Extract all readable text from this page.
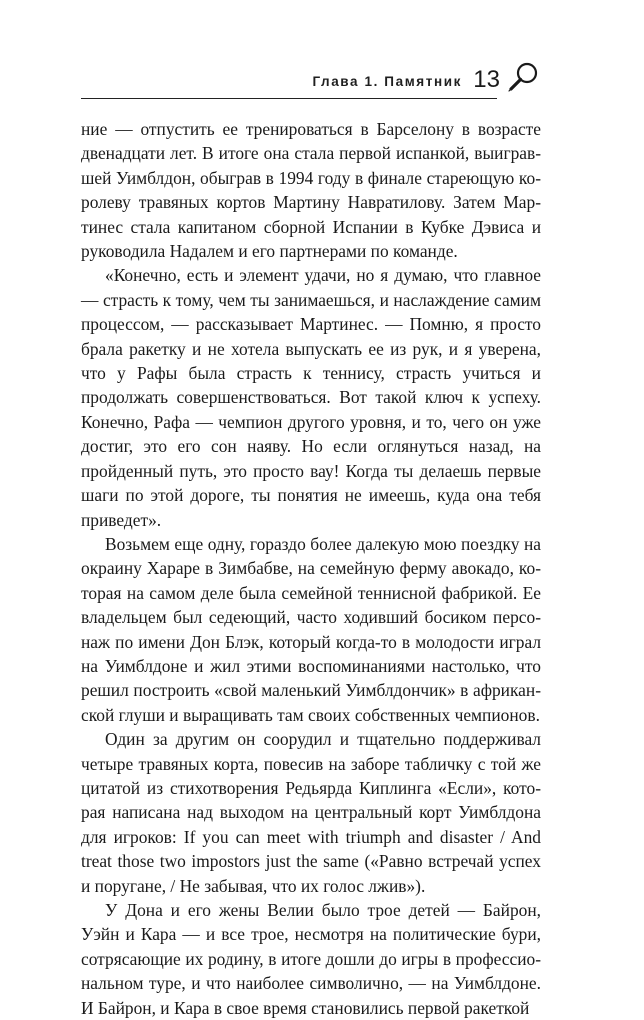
Глава 1. Памятник 13

ние — отпустить ее тренироваться в Барселону в возрасте двенадцати лет. В итоге она стала первой испанкой, выигравшей Уимблдон, обыграв в 1994 году в финале стареющую королеву травяных кортов Мартину Навратилову. Затем Мартинес стала капитаном сборной Испании в Кубке Дэвиса и руководила Надалем и его партнерами по команде.

«Конечно, есть и элемент удачи, но я думаю, что главное — страсть к тому, чем ты занимаешься, и наслаждение самим процессом, — рассказывает Мартинес. — Помню, я просто брала ракетку и не хотела выпускать ее из рук, и я уверена, что у Рафы была страсть к теннису, страсть учиться и продолжать совершенствоваться. Вот такой ключ к успеху. Конечно, Рафа — чемпион другого уровня, и то, чего он уже достиг, это его сон наяву. Но если оглянуться назад, на пройденный путь, это просто вау! Когда ты делаешь первые шаги по этой дороге, ты понятия не имеешь, куда она тебя приведет».

Возьмем еще одну, гораздо более далекую мою поездку на окраину Хараре в Зимбабве, на семейную ферму авокадо, которая на самом деле была семейной теннисной фабрикой. Ее владельцем был седеющий, часто ходивший босиком персонаж по имени Дон Блэк, который когда-то в молодости играл на Уимблдоне и жил этими воспоминаниями настолько, что решил построить «свой маленький Уимблдончик» в африканской глуши и выращивать там своих собственных чемпионов.

Один за другим он соорудил и тщательно поддерживал четыре травяных корта, повесив на заборе табличку с той же цитатой из стихотворения Редьярда Киплинга «Если», которая написана над выходом на центральный корт Уимблдона для игроков: If you can meet with triumph and disaster / And treat those two impostors just the same («Равно встречай успех и поругане, / Не забывая, что их голос лжив»).

У Дона и его жены Велии было трое детей — Байрон, Уэйн и Кара — и все трое, несмотря на политические бури, сотрясающие их родину, в итоге дошли до игры в профессиональном туре, и что наиболее символично, — на Уимблдоне. И Байрон, и Кара в свое время становились первой ракеткой
